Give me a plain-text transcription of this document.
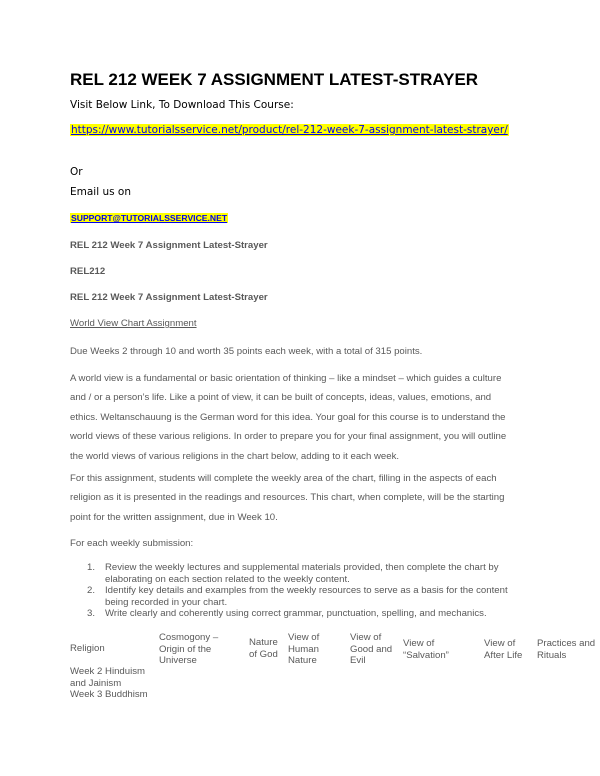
REL 212 WEEK 7 ASSIGNMENT LATEST-STRAYER
Visit Below Link, To Download This Course:
https://www.tutorialsservice.net/product/rel-212-week-7-assignment-latest-strayer/
Or
Email us on
SUPPORT@TUTORIALSSERVICE.NET
REL 212 Week 7 Assignment Latest-Strayer
REL212
REL 212 Week 7 Assignment Latest-Strayer
World View Chart Assignment
Due Weeks 2 through 10 and worth 35 points each week, with a total of 315 points.
A world view is a fundamental or basic orientation of thinking – like a mindset – which guides a culture
and / or a person’s life. Like a point of view, it can be built of concepts, ideas, values, emotions, and
ethics. Weltanschauung is the German word for this idea. Your goal for this course is to understand the
world views of these various religions. In order to prepare you for your final assignment, you will outline
the world views of various religions in the chart below, adding to it each week.
For this assignment, students will complete the weekly area of the chart, filling in the aspects of each
religion as it is presented in the readings and resources. This chart, when complete, will be the starting
point for the written assignment, due in Week 10.
For each weekly submission:
1. Review the weekly lectures and supplemental materials provided, then complete the chart by
elaborating on each section related to the weekly content.
2. Identify key details and examples from the weekly resources to serve as a basis for the content
being recorded in your chart.
3. Write clearly and coherently using correct grammar, punctuation, spelling, and mechanics.
Religion
Cosmogony –
Origin of the
Universe
Nature
of God
View of
Human
Nature
View of
Good and
Evil
View of
“Salvation”
View of
After Life
Practices and
Rituals
Week 2 Hinduism
and Jainism
Week 3 Buddhism
